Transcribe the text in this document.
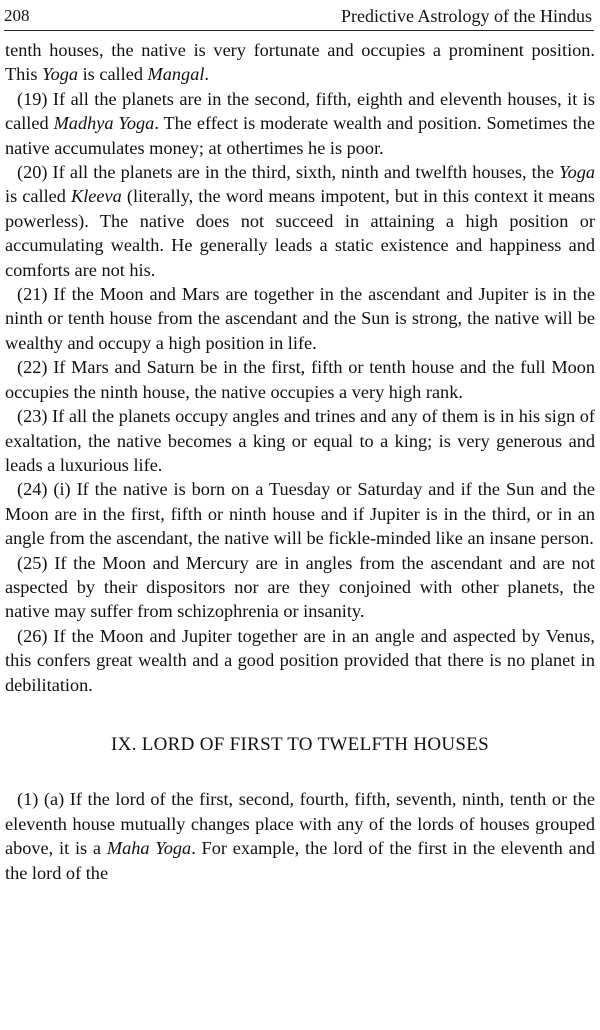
208	Predictive Astrology of the Hindus

tenth houses, the native is very fortunate and occupies a prominent position. This Yoga is called Mangal.

(19) If all the planets are in the second, fifth, eighth and eleventh houses, it is called Madhya Yoga. The effect is moderate wealth and position. Sometimes the native accumulates money; at othertimes he is poor.

(20) If all the planets are in the third, sixth, ninth and twelfth houses, the Yoga is called Kleeva (literally, the word means impotent, but in this context it means powerless). The native does not succeed in attaining a high position or accumulating wealth. He generally leads a static existence and happiness and comforts are not his.

(21) If the Moon and Mars are together in the ascendant and Jupiter is in the ninth or tenth house from the ascendant and the Sun is strong, the native will be wealthy and occupy a high position in life.

(22) If Mars and Saturn be in the first, fifth or tenth house and the full Moon occupies the ninth house, the native occupies a very high rank.

(23) If all the planets occupy angles and trines and any of them is in his sign of exaltation, the native becomes a king or equal to a king; is very generous and leads a luxurious life.

(24) (i) If the native is born on a Tuesday or Saturday and if the Sun and the Moon are in the first, fifth or ninth house and if Jupiter is in the third, or in an angle from the ascendant, the native will be fickle-minded like an insane person.

(25) If the Moon and Mercury are in angles from the ascendant and are not aspected by their dispositors nor are they conjoined with other planets, the native may suffer from schizophrenia or insanity.

(26) If the Moon and Jupiter together are in an angle and aspected by Venus, this confers great wealth and a good position provided that there is no planet in debilitation.

IX. LORD OF FIRST TO TWELFTH HOUSES

(1) (a) If the lord of the first, second, fourth, fifth, seventh, ninth, tenth or the eleventh house mutually changes place with any of the lords of houses grouped above, it is a Maha Yoga. For example, the lord of the first in the eleventh and the lord of the
